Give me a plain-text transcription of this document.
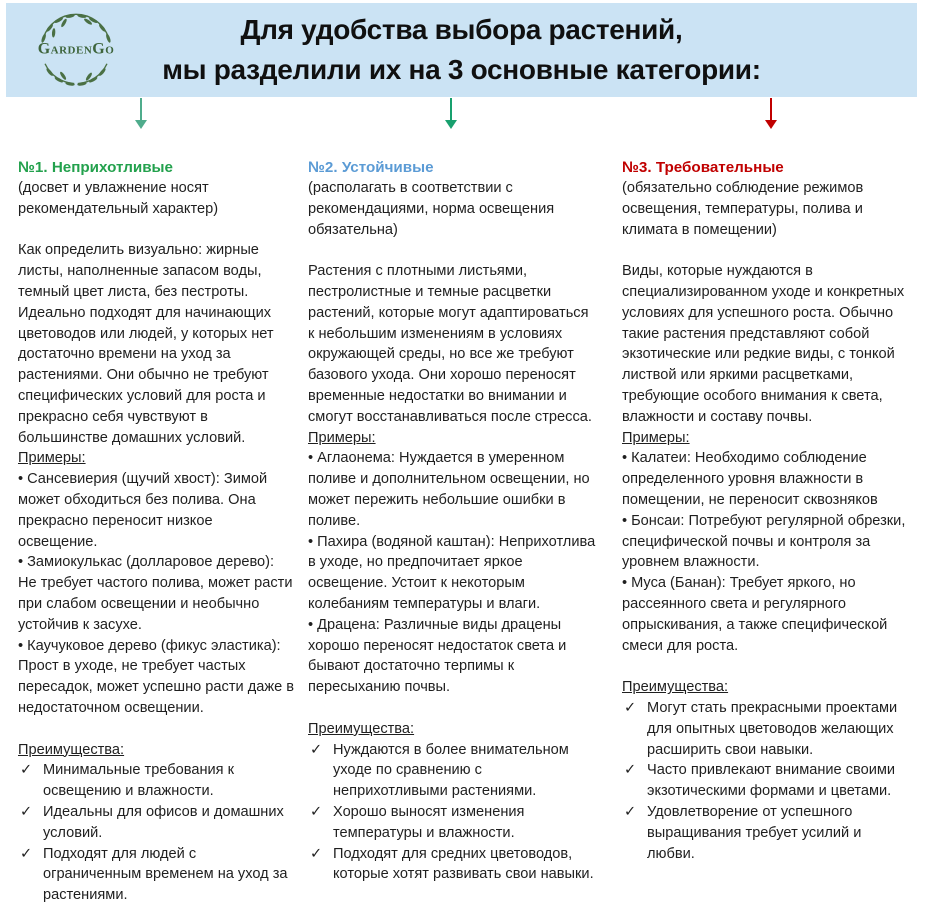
GardenGo
Для удобства выбора растений,
мы разделили их на 3 основные категории:
№1. Неприхотливые

(досвет и увлажнение носят рекомендательный характер)

Как определить визуально: жирные листы, наполненные запасом воды, темный цвет листа, без пестроты. Идеально подходят для начинающих цветоводов или людей, у которых нет достаточно времени на уход за растениями. Они обычно не требуют специфических условий для роста и прекрасно себя чувствуют в большинстве домашних условий.

Примеры:

• Сансевиерия (щучий хвост): Зимой может обходиться без полива. Она прекрасно переносит низкое освещение.

• Замиокулькас (долларовое дерево): Не требует частого полива, может расти при слабом освещении и необычно устойчив к засухе.

• Каучуковое дерево (фикус эластика): Прост в уходе, не требует частых пересадок, может успешно расти даже в недостаточном освещении.

Преимущества:

✓ Минимальные требования к освещению и влажности.
✓ Идеальны для офисов и домашних условий.
✓ Подходят для людей с ограниченным временем на уход за растениями.
№2. Устойчивые

(располагать в соответствии с рекомендациями, норма освещения обязательна)

Растения с плотными листьями, пестролистные и темные расцветки растений, которые могут адаптироваться к небольшим изменениям в условиях окружающей среды, но все же требуют базового ухода. Они хорошо переносят временные недостатки во внимании и смогут восстанавливаться после стресса.

Примеры:

• Аглаонема: Нуждается в умеренном поливе и дополнительном освещении, но может пережить небольшие ошибки в поливе.

• Пахира (водяной каштан): Неприхотлива в уходе, но предпочитает яркое освещение. Устоит к некоторым колебаниям температуры и влаги.

• Драцена: Различные виды драцены хорошо переносят недостаток света и бывают достаточно терпимы к пересыханию почвы.

Преимущества:

✓ Нуждаются в более внимательном уходе по сравнению с неприхотливыми растениями.
✓ Хорошо выносят изменения температуры и влажности.
✓ Подходят для средних цветоводов, которые хотят развивать свои навыки.
№3. Требовательные

(обязательно соблюдение режимов освещения, температуры, полива и климата в помещении)

Виды, которые нуждаются в специализированном уходе и конкретных условиях для успешного роста. Обычно такие растения представляют собой экзотические или редкие виды, с тонкой листвой или яркими расцветками, требующие особого внимания к света, влажности и составу почвы.

Примеры:

• Калатеи: Необходимо соблюдение определенного уровня влажности в помещении, не переносит сквозняков

• Бонсаи: Потребуют регулярной обрезки, специфической почвы и контроля за уровнем влажности.

• Муса (Банан): Требует яркого, но рассеянного света и регулярного опрыскивания, а также специфической смеси для роста.

Преимущества:

✓ Могут стать прекрасными проектами для опытных цветоводов желающих расширить свои навыки.
✓ Часто привлекают внимание своими экзотическими формами и цветами.
✓ Удовлетворение от успешного выращивания требует усилий и любви.
